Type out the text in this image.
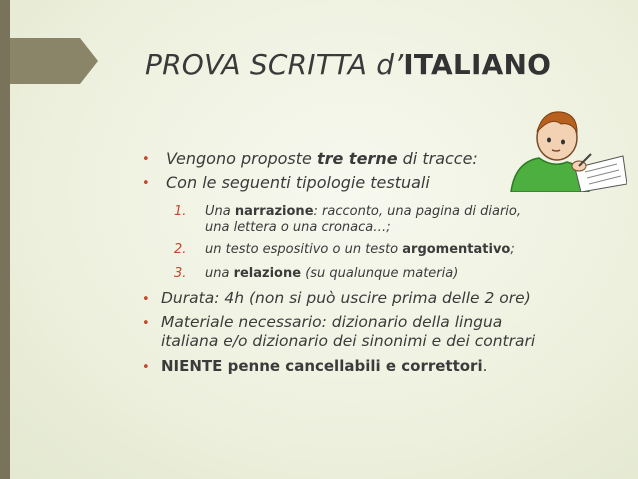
PROVA SCRITTA d’ITALIANO
• Vengono proposte tre terne di tracce:
• Con le seguenti tipologie testuali
1. Una narrazione: racconto, una pagina di diario,
una lettera o una cronaca…;
2. un testo espositivo o un testo argomentativo;
3. una relazione (su qualunque materia)
• Durata: 4h (non si può uscire prima delle 2 ore)
• Materiale necessario: dizionario della lingua
italiana e/o dizionario dei sinonimi e dei contrari
• NIENTE penne cancellabili e correttori.
